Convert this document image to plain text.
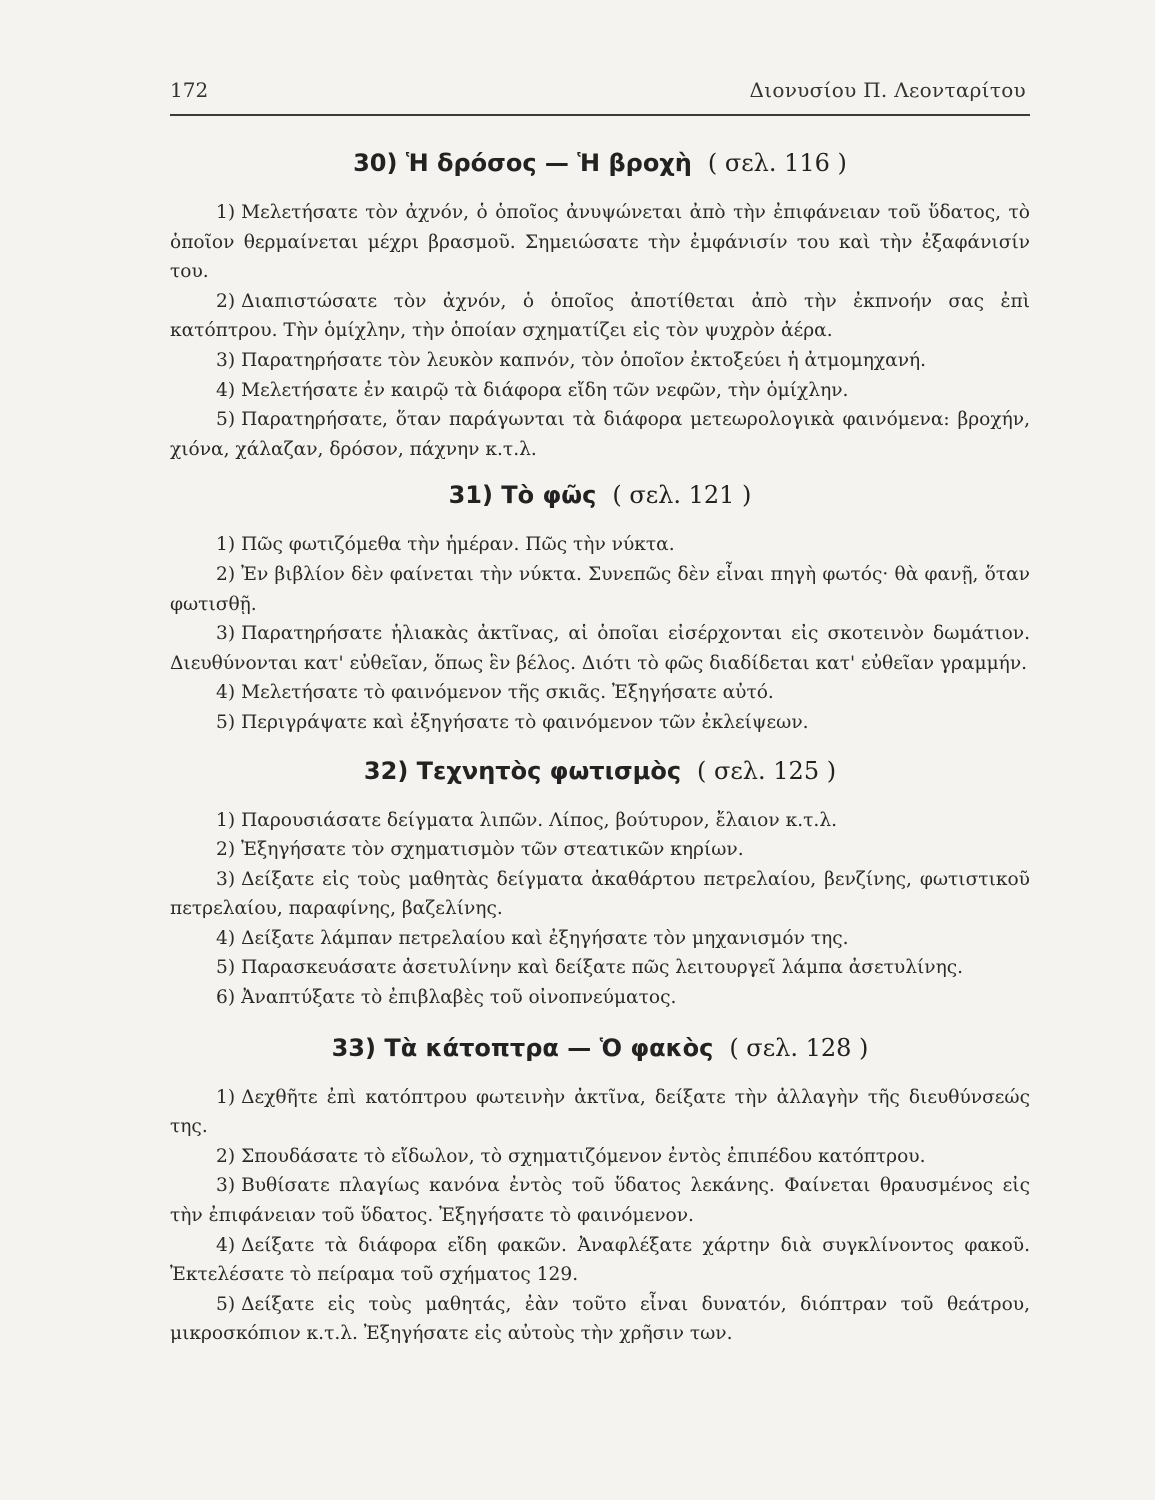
172	Διονυσίου Π. Λεονταρίτου
30) Ἡ δρόσος — Ἡ βροχὴ ( σελ. 116 )

1) Μελετήσατε τὸν ἀχνόν, ὁ ὁποῖος ἀνυψώνεται ἀπὸ τὴν ἐπιφάνειαν τοῦ ὕδατος, τὸ ὁποῖον θερμαίνεται μέχρι βρασμοῦ. Σημειώσατε τὴν ἐμφάνισίν του καὶ τὴν ἐξαφάνισίν του.

2) Διαπιστώσατε τὸν ἀχνόν, ὁ ὁποῖος ἀποτίθεται ἀπὸ τὴν ἐκπνοήν σας ἐπὶ κατόπτρου. Τὴν ὁμίχλην, τὴν ὁποίαν σχηματίζει εἰς τὸν ψυχρὸν ἀέρα.

3) Παρατηρήσατε τὸν λευκὸν καπνόν, τὸν ὁποῖον ἐκτοξεύει ἡ ἀτμομηχανή.

4) Μελετήσατε ἐν καιρῷ τὰ διάφορα εἴδη τῶν νεφῶν, τὴν ὁμίχλην.

5) Παρατηρήσατε, ὅταν παράγωνται τὰ διάφορα μετεωρολογικὰ φαινόμενα: βροχήν, χιόνα, χάλαζαν, δρόσον, πάχνην κ.τ.λ.

31) Τὸ φῶς ( σελ. 121 )

1) Πῶς φωτιζόμεθα τὴν ἡμέραν. Πῶς τὴν νύκτα.

2) Ἐν βιβλίον δὲν φαίνεται τὴν νύκτα. Συνεπῶς δὲν εἶναι πηγὴ φωτός· θὰ φανῇ, ὅταν φωτισθῇ.

3) Παρατηρήσατε ἡλιακὰς ἀκτῖνας, αἱ ὁποῖαι εἰσέρχονται εἰς σκοτεινὸν δωμάτιον. Διευθύνονται κατ' εὐθεῖαν, ὅπως ἓν βέλος. Διότι τὸ φῶς διαδίδεται κατ' εὐθεῖαν γραμμήν.

4) Μελετήσατε τὸ φαινόμενον τῆς σκιᾶς. Ἐξηγήσατε αὐτό.

5) Περιγράψατε καὶ ἐξηγήσατε τὸ φαινόμενον τῶν ἐκλείψεων.

32) Τεχνητὸς φωτισμὸς ( σελ. 125 )

1) Παρουσιάσατε δείγματα λιπῶν. Λίπος, βούτυρον, ἔλαιον κ.τ.λ.

2) Ἐξηγήσατε τὸν σχηματισμὸν τῶν στεατικῶν κηρίων.

3) Δείξατε εἰς τοὺς μαθητὰς δείγματα ἀκαθάρτου πετρελαίου, βενζίνης, φωτιστικοῦ πετρελαίου, παραφίνης, βαζελίνης.

4) Δείξατε λάμπαν πετρελαίου καὶ ἐξηγήσατε τὸν μηχανισμόν της.

5) Παρασκευάσατε ἀσετυλίνην καὶ δείξατε πῶς λειτουργεῖ λάμπα ἀσετυλίνης.

6) Ἀναπτύξατε τὸ ἐπιβλαβὲς τοῦ οἰνοπνεύματος.

33) Τὰ κάτοπτρα — Ὁ φακὸς ( σελ. 128 )

1) Δεχθῆτε ἐπὶ κατόπτρου φωτεινὴν ἀκτῖνα, δείξατε τὴν ἀλλαγὴν τῆς διευθύνσεώς της.

2) Σπουδάσατε τὸ εἴδωλον, τὸ σχηματιζόμενον ἐντὸς ἐπιπέδου κατόπτρου.

3) Βυθίσατε πλαγίως κανόνα ἐντὸς τοῦ ὕδατος λεκάνης. Φαίνεται θραυσμένος εἰς τὴν ἐπιφάνειαν τοῦ ὕδατος. Ἐξηγήσατε τὸ φαινόμενον.

4) Δείξατε τὰ διάφορα εἴδη φακῶν. Ἀναφλέξατε χάρτην διὰ συγκλίνοντος φακοῦ. Ἐκτελέσατε τὸ πείραμα τοῦ σχήματος 129.

5) Δείξατε εἰς τοὺς μαθητάς, ἐὰν τοῦτο εἶναι δυνατόν, διόπτραν τοῦ θεάτρου, μικροσκόπιον κ.τ.λ. Ἐξηγήσατε εἰς αὐτοὺς τὴν χρῆσιν των.
